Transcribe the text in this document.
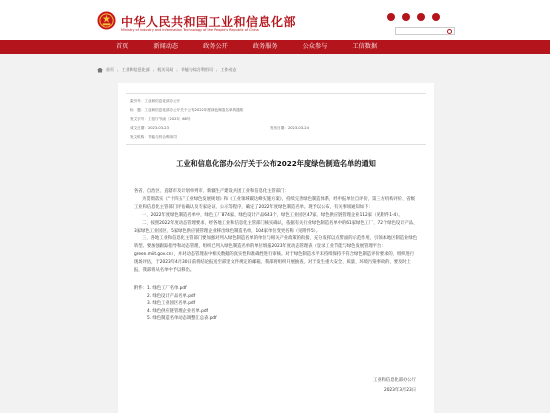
中华人民共和国工业和信息化部
Ministry of Industry and Information Technology of the People's Republic of China
首页	新闻动态	政务公开	政务服务	公众参与	工信数据
首页 › 工业和信息化部 › 机关司局 › 节能与综合利用司 › 工作动态
索引号： 工业和信息化部办公厅
标　题： 工业和信息化部办公厅关于公布2022年度绿色制造名单的通知
发文字号： 工信厅节函〔2023〕68号
成文日期： 2023-03-23	发布日期： 2023-03-24
发文机构： 节能与综合利用司
工业和信息化部办公厅关于公布2022年度绿色制造名单的通知

各省、自治区、直辖市及计划单列市、新疆生产建设兵团工业和信息化主管部门：

为贯彻落实《“十四五”工业绿色发展规划》和《工业领域碳达峰实施方案》，持续完善绿色制造体系，经申报单位自评价、第三方机构评价、省级工业和信息化主管部门评估确认及专家论证、公示等程序，确定了2022年度绿色制造名单。现予以公布，有关事项通知如下：

一、2022年度绿色制造名单中，绿色工厂874家、绿色设计产品643个、绿色工业园区47家、绿色供应链管理企业112家（见附件1-4）。

二、按照2022年度动态管理要求，经各地工业和信息化主管部门核实确认，依据有关行业绿色制造名单中的61家绿色工厂、72个绿色设计产品、3家绿色工业园区、5家绿色供应链管理企业移出绿色制造名单，104家单位变更名称（见附件5）。

三、各地工业和信息化主管部门要加强对列入绿色制造名单的单位与相关产业政策的衔接，充分发挥以点带面的示范作用，引领本地区制造业绿色转型。要加强跟踪指导和动态管理，组织已列入绿色制造名单的单位填报2023年度动态管理表（登录工业节能与绿色发展管理平台：green.miit.gov.cn），并对动态管理表中相关数据的真实性和准确性进行审核。对于绿色制造水平未持续保持不符合绿色制造评价要求的，组织进行现场评估，于2023年4月30日前将结论报送至部里文件规定的邮箱。我部将组织开展抽查，对于发生重大安全、质量、环境污染事故的，要及时上报，我部将从名单中予以移出。

附件： 1. 绿色工厂名单.pdf
2. 绿色设计产品名单.pdf
3. 绿色工业园区名单.pdf
4. 绿色供应链管理企业名单.pdf
5. 绿色制造名单动态调整汇总表.pdf
工业和信息化部办公厅
2023年3月23日
